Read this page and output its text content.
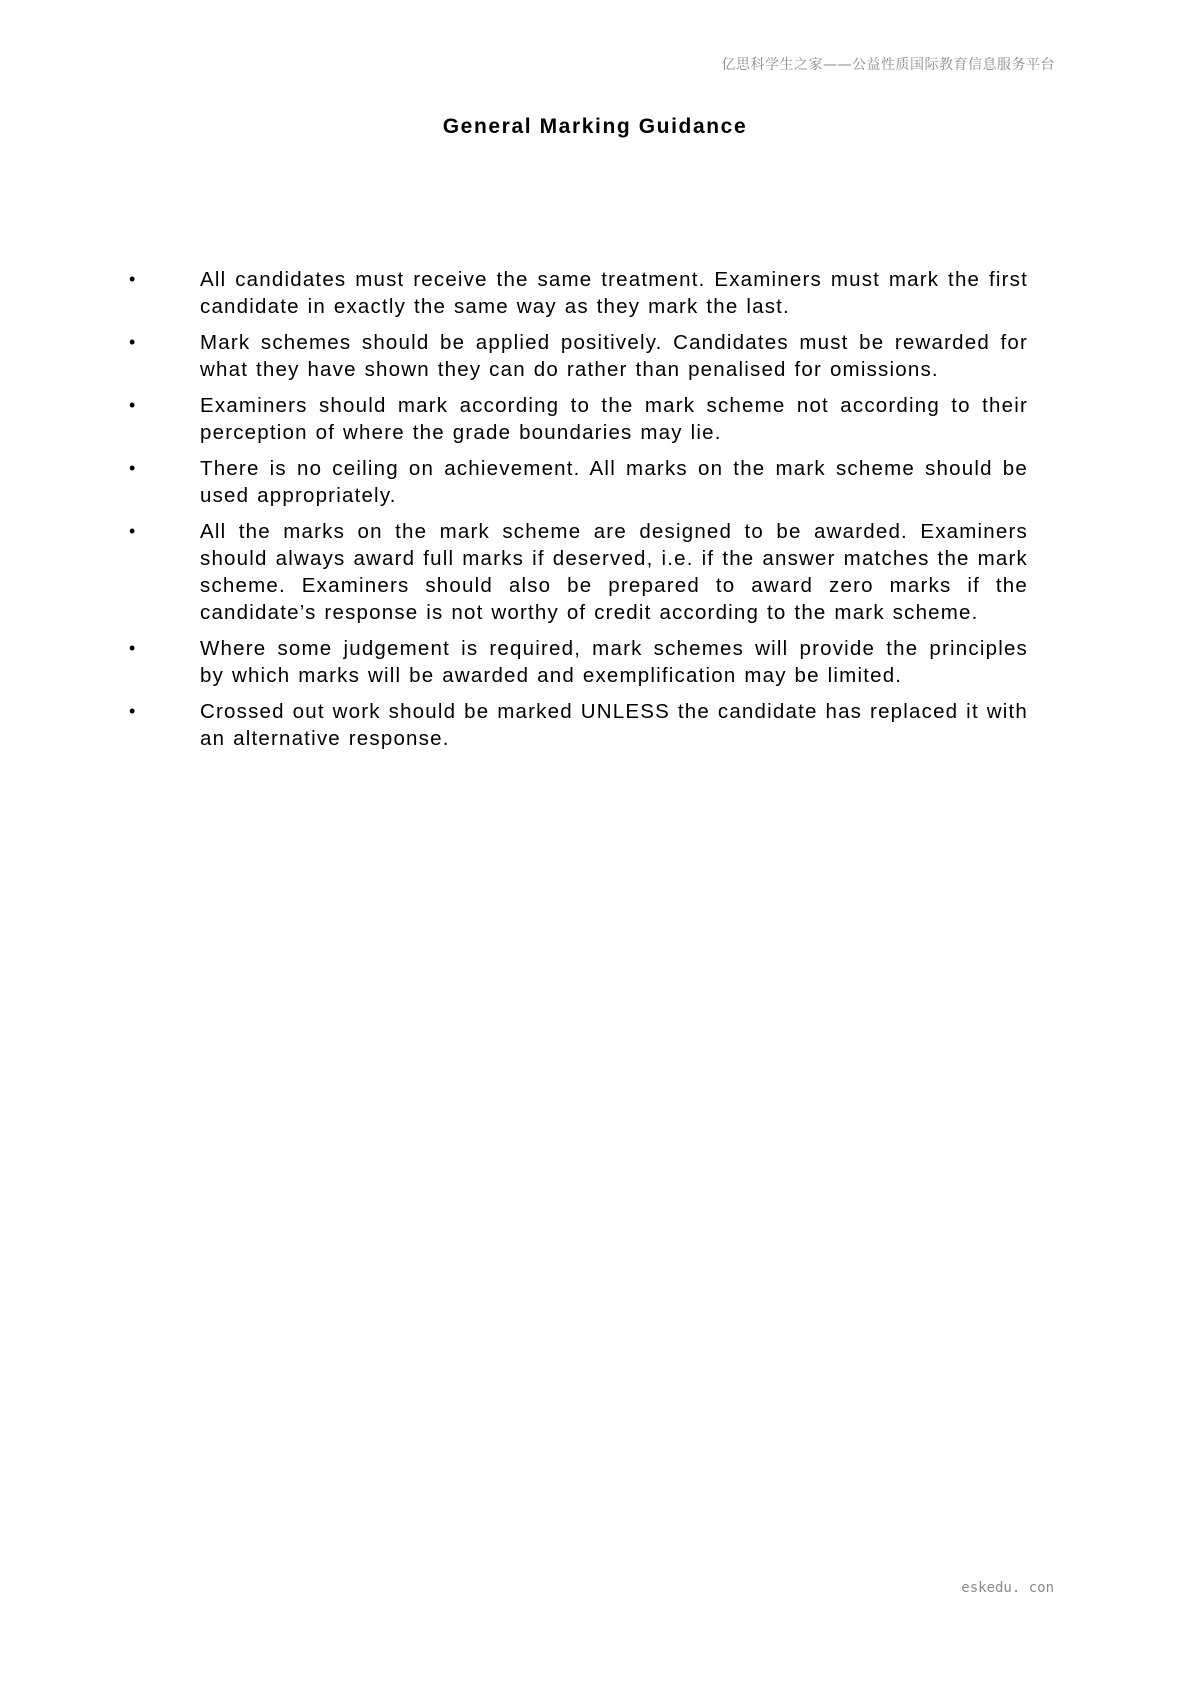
亿思科学生之家——公益性质国际教育信息服务平台
General Marking Guidance
•	All candidates must receive the same treatment. Examiners must mark the first candidate in exactly the same way as they mark the last.
•	Mark schemes should be applied positively. Candidates must be rewarded for what they have shown they can do rather than penalised for omissions.
•	Examiners should mark according to the mark scheme not according to their perception of where the grade boundaries may lie.
•	There is no ceiling on achievement. All marks on the mark scheme should be used appropriately.
•	All the marks on the mark scheme are designed to be awarded. Examiners should always award full marks if deserved, i.e. if the answer matches the mark scheme. Examiners should also be prepared to award zero marks if the candidate’s response is not worthy of credit according to the mark scheme.
•	Where some judgement is required, mark schemes will provide the principles by which marks will be awarded and exemplification may be limited.
•	Crossed out work should be marked UNLESS the candidate has replaced it with an alternative response.
eskedu. con
